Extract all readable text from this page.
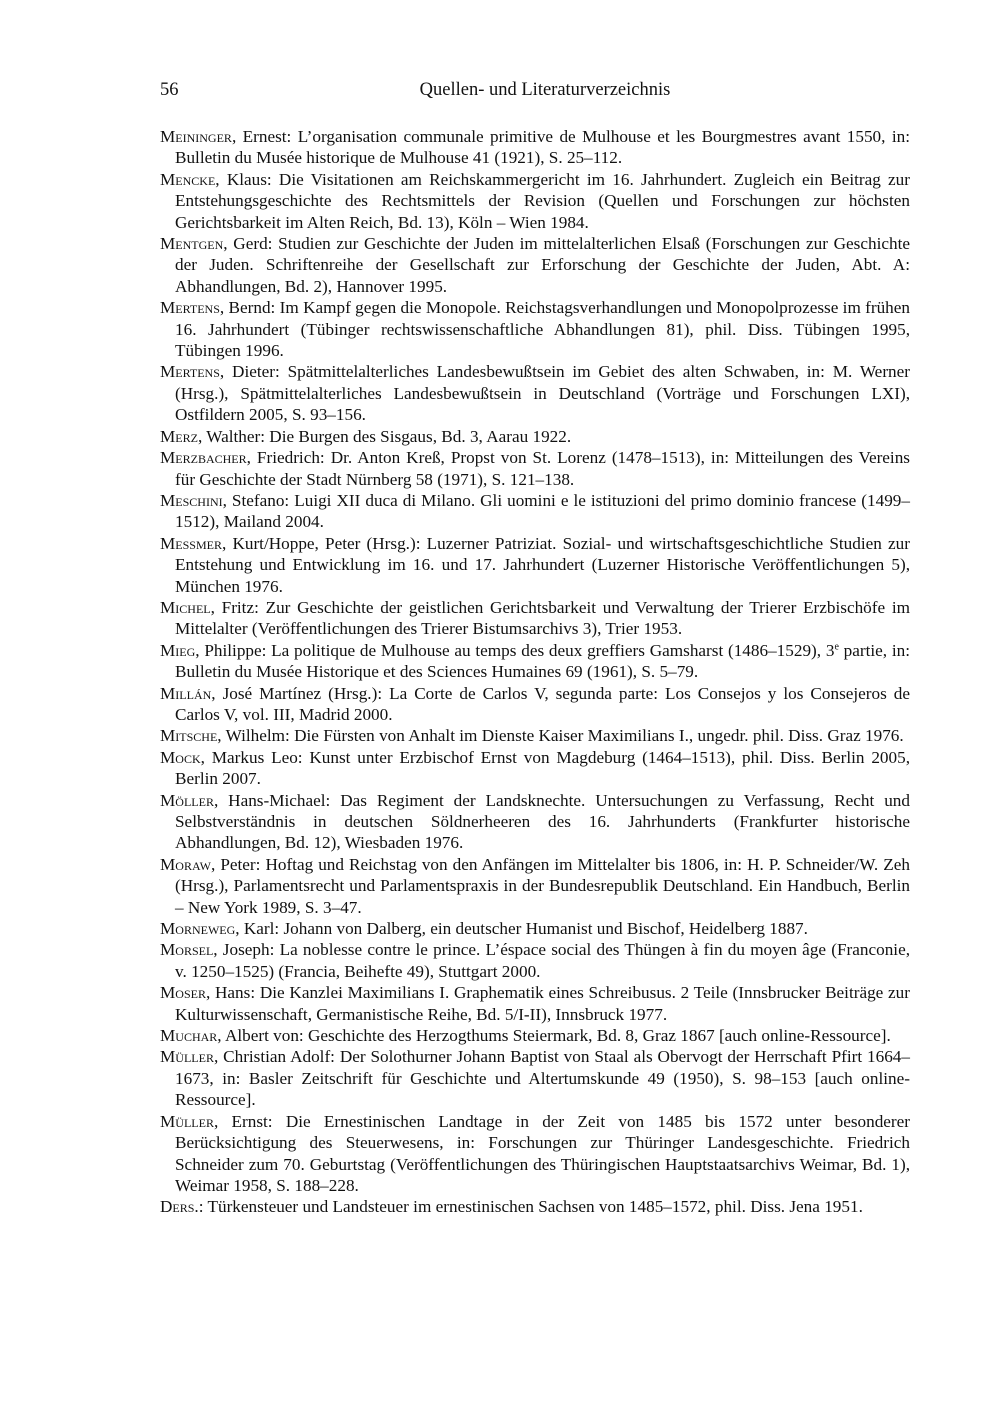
56	Quellen- und Literaturverzeichnis

Meininger, Ernest: L’organisation communale primitive de Mulhouse et les Bourgmestres avant 1550, in: Bulletin du Musée historique de Mulhouse 41 (1921), S. 25–112.

Mencke, Klaus: Die Visitationen am Reichskammergericht im 16. Jahrhundert. Zugleich ein Beitrag zur Entstehungsgeschichte des Rechtsmittels der Revision (Quellen und Forschungen zur höchsten Gerichtsbarkeit im Alten Reich, Bd. 13), Köln – Wien 1984.

Mentgen, Gerd: Studien zur Geschichte der Juden im mittelalterlichen Elsaß (Forschungen zur Geschichte der Juden. Schriftenreihe der Gesellschaft zur Erforschung der Geschichte der Juden, Abt. A: Abhandlungen, Bd. 2), Hannover 1995.

Mertens, Bernd: Im Kampf gegen die Monopole. Reichstagsverhandlungen und Monopolprozesse im frühen 16. Jahrhundert (Tübinger rechtswissenschaftliche Abhandlungen 81), phil. Diss. Tübingen 1995, Tübingen 1996.

Mertens, Dieter: Spätmittelalterliches Landesbewußtsein im Gebiet des alten Schwaben, in: M. Werner (Hrsg.), Spätmittelalterliches Landesbewußtsein in Deutschland (Vorträge und Forschungen LXI), Ostfildern 2005, S. 93–156.

Merz, Walther: Die Burgen des Sisgaus, Bd. 3, Aarau 1922.

Merzbacher, Friedrich: Dr. Anton Kreß, Propst von St. Lorenz (1478–1513), in: Mitteilungen des Vereins für Geschichte der Stadt Nürnberg 58 (1971), S. 121–138.

Meschini, Stefano: Luigi XII duca di Milano. Gli uomini e le istituzioni del primo dominio francese (1499–1512), Mailand 2004.

Messmer, Kurt/Hoppe, Peter (Hrsg.): Luzerner Patriziat. Sozial- und wirtschaftsgeschichtliche Studien zur Entstehung und Entwicklung im 16. und 17. Jahrhundert (Luzerner Historische Veröffentlichungen 5), München 1976.

Michel, Fritz: Zur Geschichte der geistlichen Gerichtsbarkeit und Verwaltung der Trierer Erzbischöfe im Mittelalter (Veröffentlichungen des Trierer Bistumsarchivs 3), Trier 1953.

Mieg, Philippe: La politique de Mulhouse au temps des deux greffiers Gamsharst (1486–1529), 3e partie, in: Bulletin du Musée Historique et des Sciences Humaines 69 (1961), S. 5–79.

Millán, José Martínez (Hrsg.): La Corte de Carlos V, segunda parte: Los Consejos y los Consejeros de Carlos V, vol. III, Madrid 2000.

Mitsche, Wilhelm: Die Fürsten von Anhalt im Dienste Kaiser Maximilians I., ungedr. phil. Diss. Graz 1976.

Mock, Markus Leo: Kunst unter Erzbischof Ernst von Magdeburg (1464–1513), phil. Diss. Berlin 2005, Berlin 2007.

Möller, Hans-Michael: Das Regiment der Landsknechte. Untersuchungen zu Verfassung, Recht und Selbstverständnis in deutschen Söldnerheeren des 16. Jahrhunderts (Frankfurter historische Abhandlungen, Bd. 12), Wiesbaden 1976.

Moraw, Peter: Hoftag und Reichstag von den Anfängen im Mittelalter bis 1806, in: H. P. Schneider/W. Zeh (Hrsg.), Parlamentsrecht und Parlamentspraxis in der Bundesrepublik Deutschland. Ein Handbuch, Berlin – New York 1989, S. 3–47.

Morneweg, Karl: Johann von Dalberg, ein deutscher Humanist und Bischof, Heidelberg 1887.

Morsel, Joseph: La noblesse contre le prince. L’éspace social des Thüngen à fin du moyen âge (Franconie, v. 1250–1525) (Francia, Beihefte 49), Stuttgart 2000.

Moser, Hans: Die Kanzlei Maximilians I. Graphematik eines Schreibusus. 2 Teile (Innsbrucker Beiträge zur Kulturwissenschaft, Germanistische Reihe, Bd. 5/I-II), Innsbruck 1977.

Muchar, Albert von: Geschichte des Herzogthums Steiermark, Bd. 8, Graz 1867 [auch online-Ressource].

Müller, Christian Adolf: Der Solothurner Johann Baptist von Staal als Obervogt der Herrschaft Pfirt 1664–1673, in: Basler Zeitschrift für Geschichte und Altertumskunde 49 (1950), S. 98–153 [auch online-Ressource].

Müller, Ernst: Die Ernestinischen Landtage in der Zeit von 1485 bis 1572 unter besonderer Berücksichtigung des Steuerwesens, in: Forschungen zur Thüringer Landesgeschichte. Friedrich Schneider zum 70. Geburtstag (Veröffentlichungen des Thüringischen Hauptstaatsarchivs Weimar, Bd. 1), Weimar 1958, S. 188–228.

Ders.: Türkensteuer und Landsteuer im ernestinischen Sachsen von 1485–1572, phil. Diss. Jena 1951.
